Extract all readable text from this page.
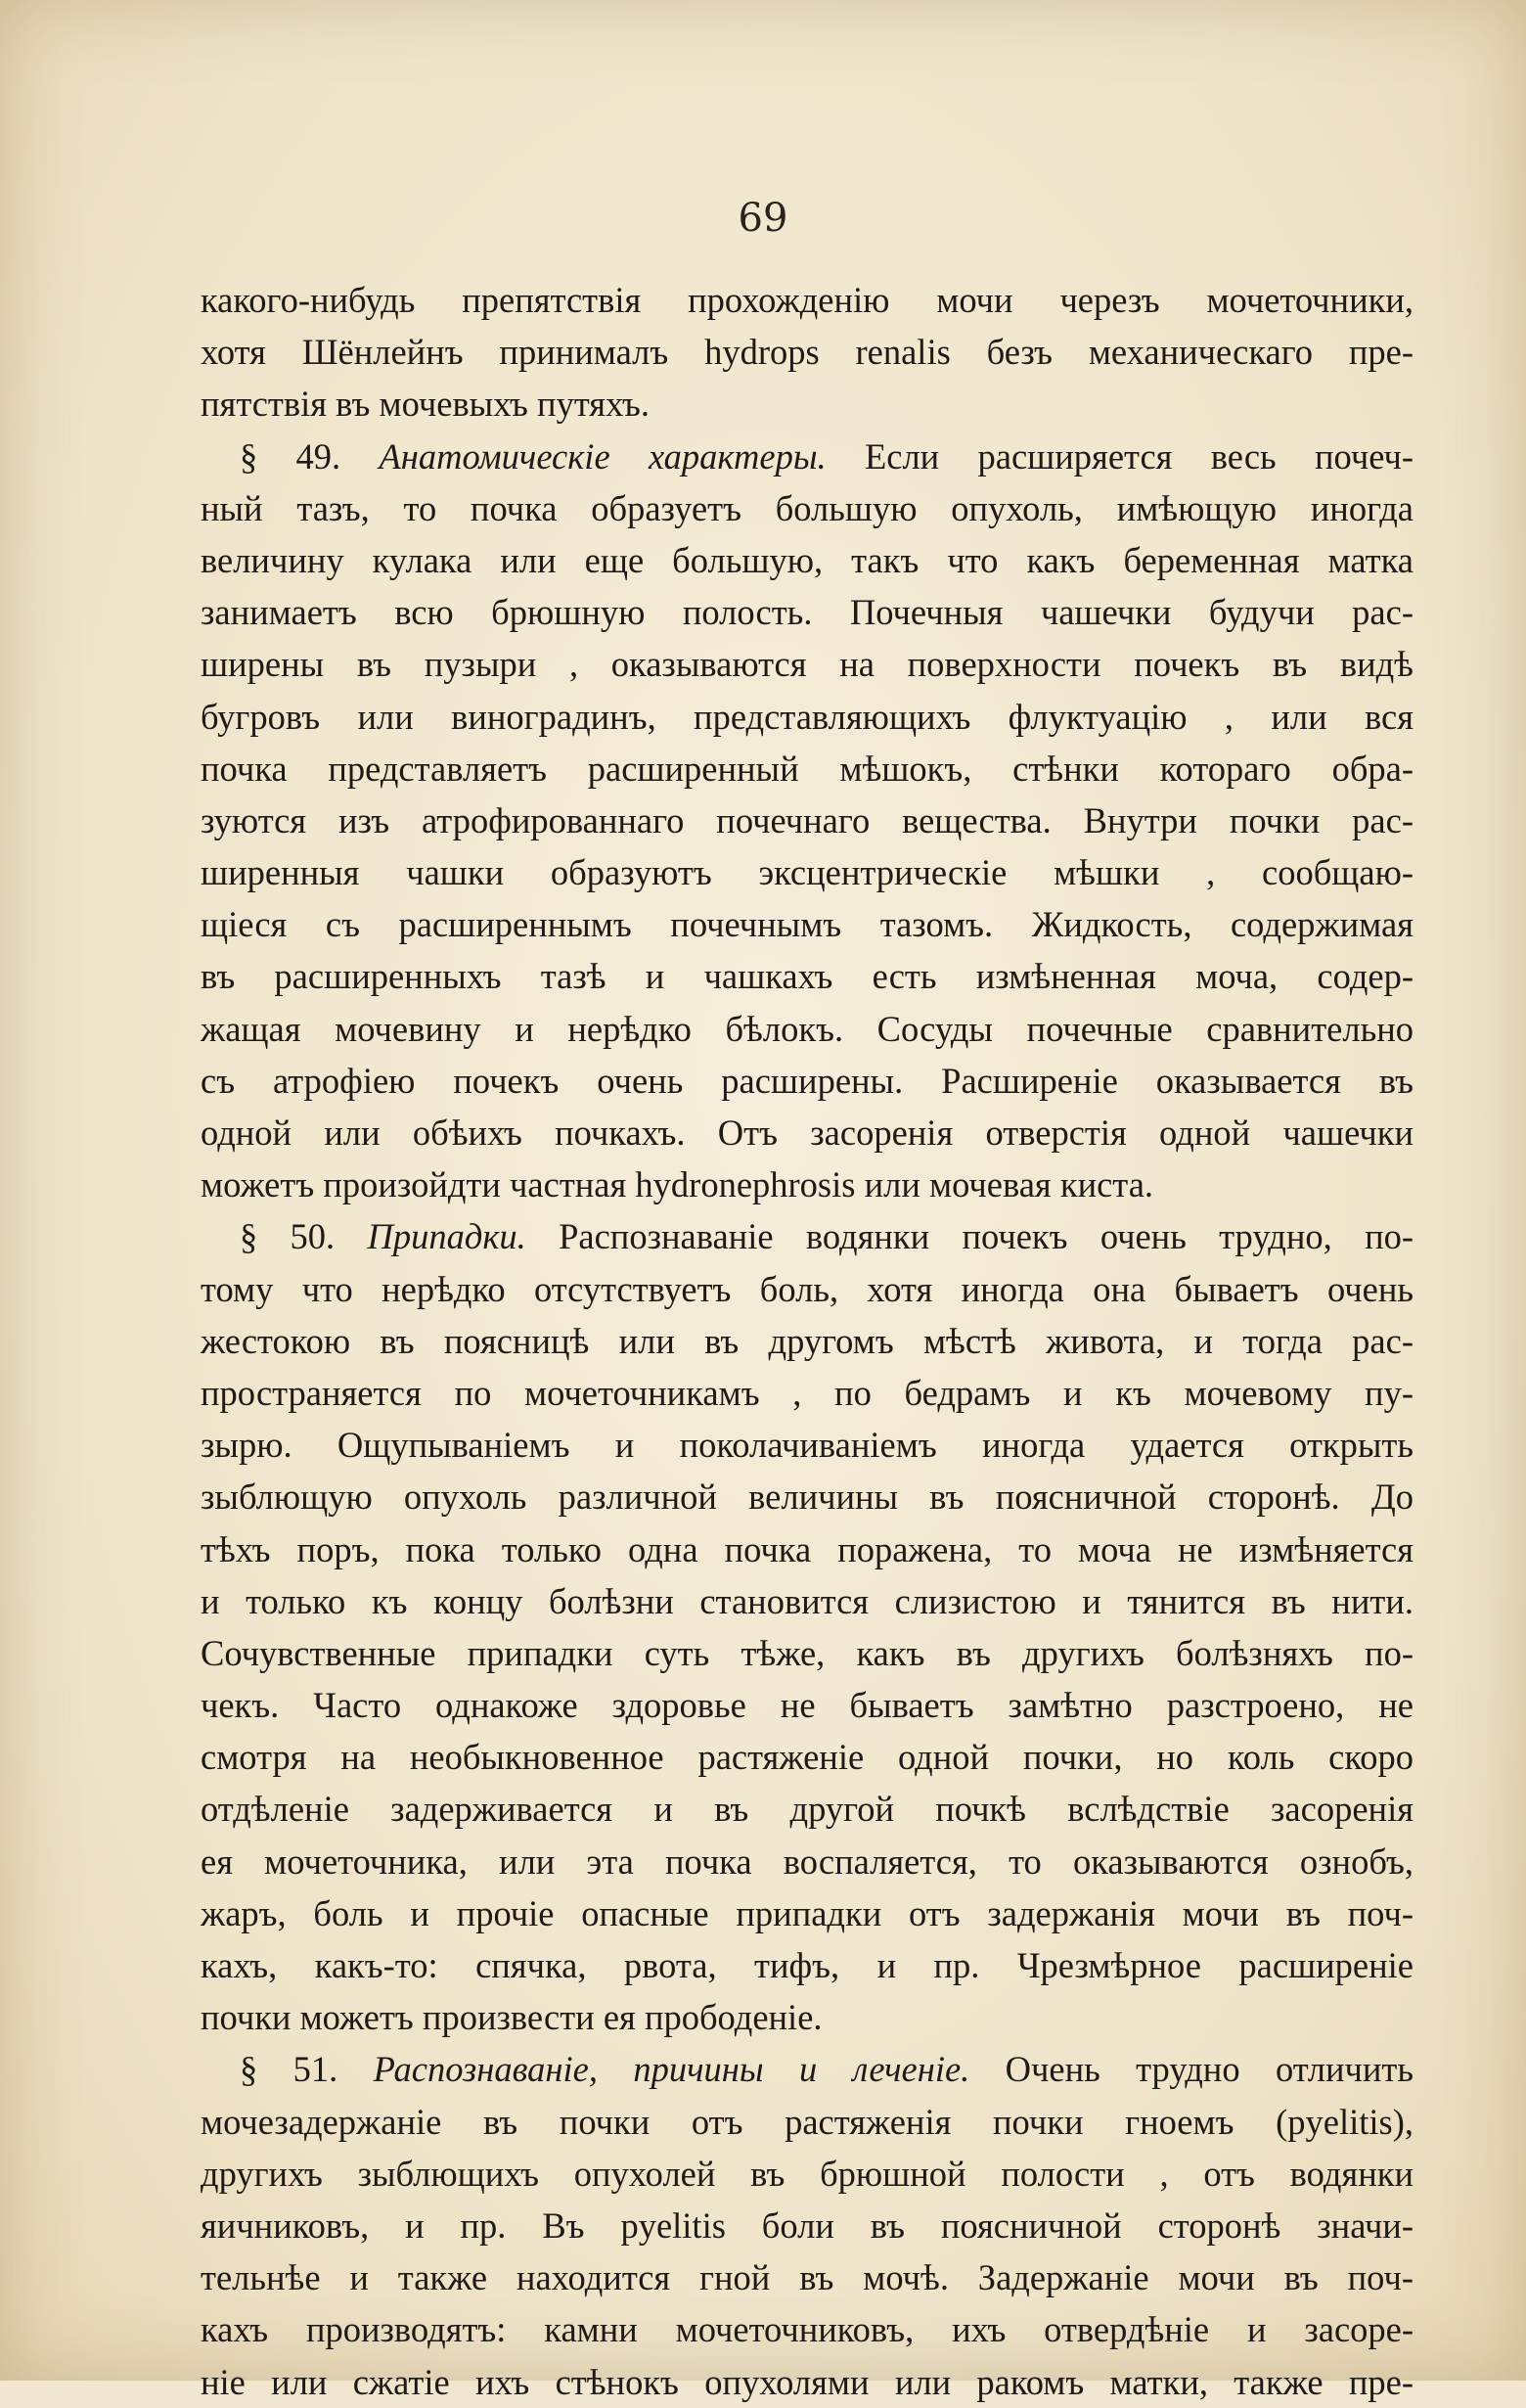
69
какого-нибудь препятствія прохожденію мочи черезъ мочеточники,
хотя Шёнлейнъ принималъ hydrops renalis безъ механическаго пре-
пятствія въ мочевыхъ путяхъ.
§ 49. Анатомическіе характеры. Если расширяется весь почеч-
ный тазъ, то почка образуетъ большую опухоль, имѣющую иногда
величину кулака или еще большую, такъ что какъ беременная матка
занимаетъ всю брюшную полость. Почечныя чашечки будучи рас-
ширены въ пузыри , оказываются на поверхности почекъ въ видѣ
бугровъ или виноградинъ, представляющихъ флуктуацію , или вся
почка представляетъ расширенный мѣшокъ, стѣнки котораго обра-
зуются изъ атрофированнаго почечнаго вещества. Внутри почки рас-
ширенныя чашки образуютъ эксцентрическіе мѣшки , сообщаю-
щіеся съ расширеннымъ почечнымъ тазомъ. Жидкость, содержимая
въ расширенныхъ тазѣ и чашкахъ есть измѣненная моча, содер-
жащая мочевину и нерѣдко бѣлокъ. Сосуды почечные сравнительно
съ атрофіею почекъ очень расширены. Расширеніе оказывается въ
одной или обѣихъ почкахъ. Отъ засоренія отверстія одной чашечки
можетъ произойдти частная hydronephrosis или мочевая киста.
§ 50. Припадки. Распознаваніе водянки почекъ очень трудно, по-
тому что нерѣдко отсутствуетъ боль, хотя иногда она бываетъ очень
жестокою въ поясницѣ или въ другомъ мѣстѣ живота, и тогда рас-
пространяется по мочеточникамъ , по бедрамъ и къ мочевому пу-
зырю. Ощупываніемъ и поколачиваніемъ иногда удается открыть
зыблющую опухоль различной величины въ поясничной сторонѣ. До
тѣхъ поръ, пока только одна почка поражена, то моча не измѣняется
и только къ концу болѣзни становится слизистою и тянится въ нити.
Сочувственные припадки суть тѣже, какъ въ другихъ болѣзняхъ по-
чекъ. Часто однакоже здоровье не бываетъ замѣтно разстроено, не
смотря на необыкновенное растяженіе одной почки, но коль скоро
отдѣленіе задерживается и въ другой почкѣ вслѣдствіе засоренія
ея мочеточника, или эта почка воспаляется, то оказываются ознобъ,
жаръ, боль и прочіе опасные припадки отъ задержанія мочи въ поч-
кахъ, какъ-то: спячка, рвота, тифъ, и пр. Чрезмѣрное расширеніе
почки можетъ произвести ея прободеніе.
§ 51. Распознаваніе, причины и леченіе. Очень трудно отличить
мочезадержаніе въ почки отъ растяженія почки гноемъ (pyelitis),
другихъ зыблющихъ опухолей въ брюшной полости , отъ водянки
яичниковъ, и пр. Въ pyelitis боли въ поясничной сторонѣ значи-
тельнѣе и также находится гной въ мочѣ. Задержаніе мочи въ поч-
кахъ производятъ: камни мочеточниковъ, ихъ отвердѣніе и засоре-
ніе или сжатіе ихъ стѣнокъ опухолями или ракомъ матки, также пре-
